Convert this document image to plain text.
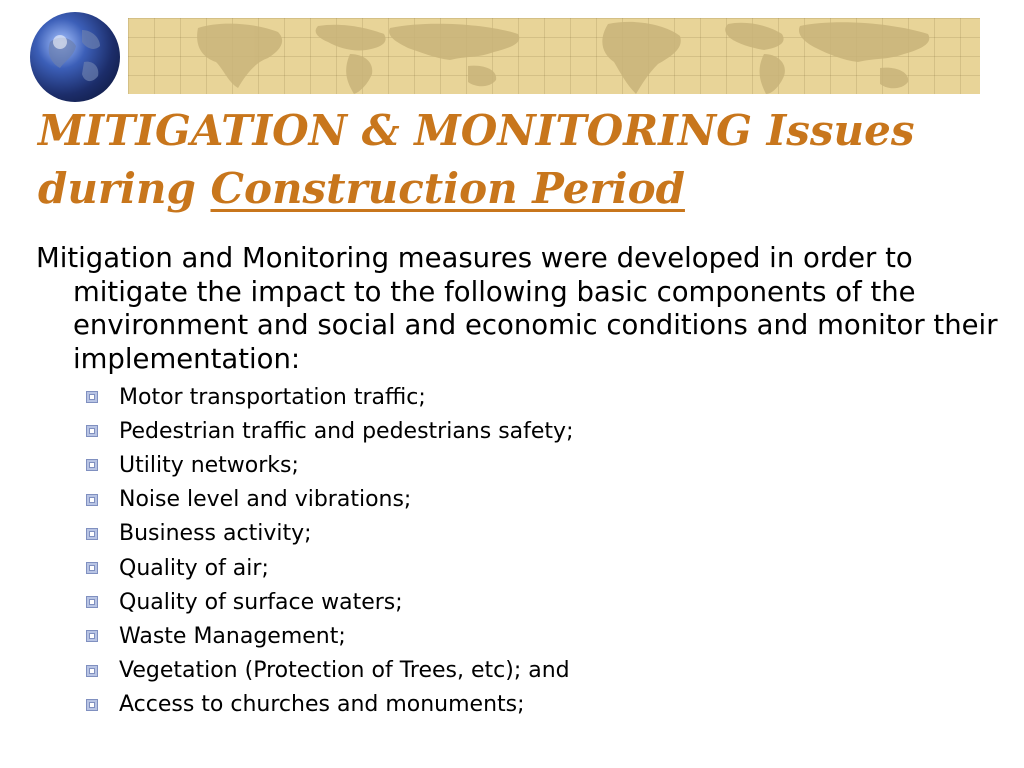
MITIGATION & MONITORING Issues
during Construction Period

Mitigation and Monitoring measures were developed in order to mitigate the impact to the following basic components of the environment and social and economic conditions and monitor their implementation:

Motor transportation traffic;
Pedestrian traffic and pedestrians safety;
Utility networks;
Noise level and vibrations;
Business activity;
Quality of air;
Quality of surface waters;
Waste Management;
Vegetation (Protection of Trees, etc); and
Access to churches and monuments;
